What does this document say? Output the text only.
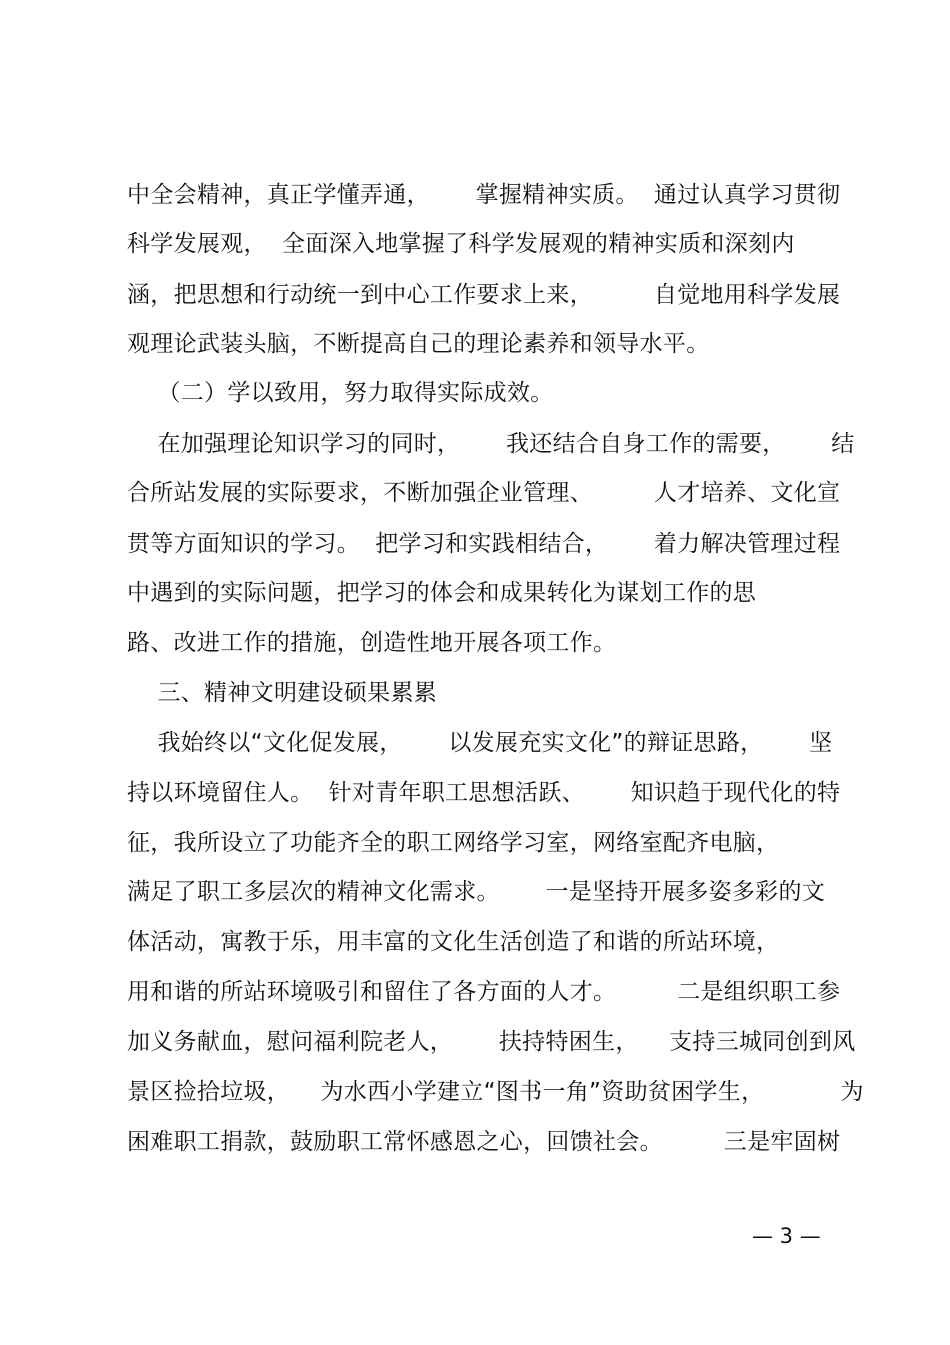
中全会精神，真正学懂弄通，      掌握精神实质。  通过认真学习贯彻
科学发展观，  全面深入地掌握了科学发展观的精神实质和深刻内
涵，把思想和行动统一到中心工作要求上来，        自觉地用科学发展
观理论武装头脑，不断提高自己的理论素养和领导水平。
（二）学以致用，努力取得实际成效。
在加强理论知识学习的同时，      我还结合自身工作的需要，      结
合所站发展的实际要求，不断加强企业管理、        人才培养、文化宣
贯等方面知识的学习。  把学习和实践相结合，      着力解决管理过程
中遇到的实际问题，把学习的体会和成果转化为谋划工作的思
路、改进工作的措施，创造性地开展各项工作。
三、精神文明建设硕果累累
我始终以“文化促发展，      以发展充实文化”的辩证思路，      坚
持以环境留住人。  针对青年职工思想活跃、      知识趋于现代化的特
征，我所设立了功能齐全的职工网络学习室，网络室配齐电脑，
满足了职工多层次的精神文化需求。      一是坚持开展多姿多彩的文
体活动，寓教于乐，用丰富的文化生活创造了和谐的所站环境，
用和谐的所站环境吸引和留住了各方面的人才。        二是组织职工参
加义务献血，慰问福利院老人，      扶持特困生，    支持三城同创到风
景区捡拾垃圾，    为水西小学建立“图书一角”资助贫困学生，          为
困难职工捐款，鼓励职工常怀感恩之心，回馈社会。        三是牢固树
— 3 —
